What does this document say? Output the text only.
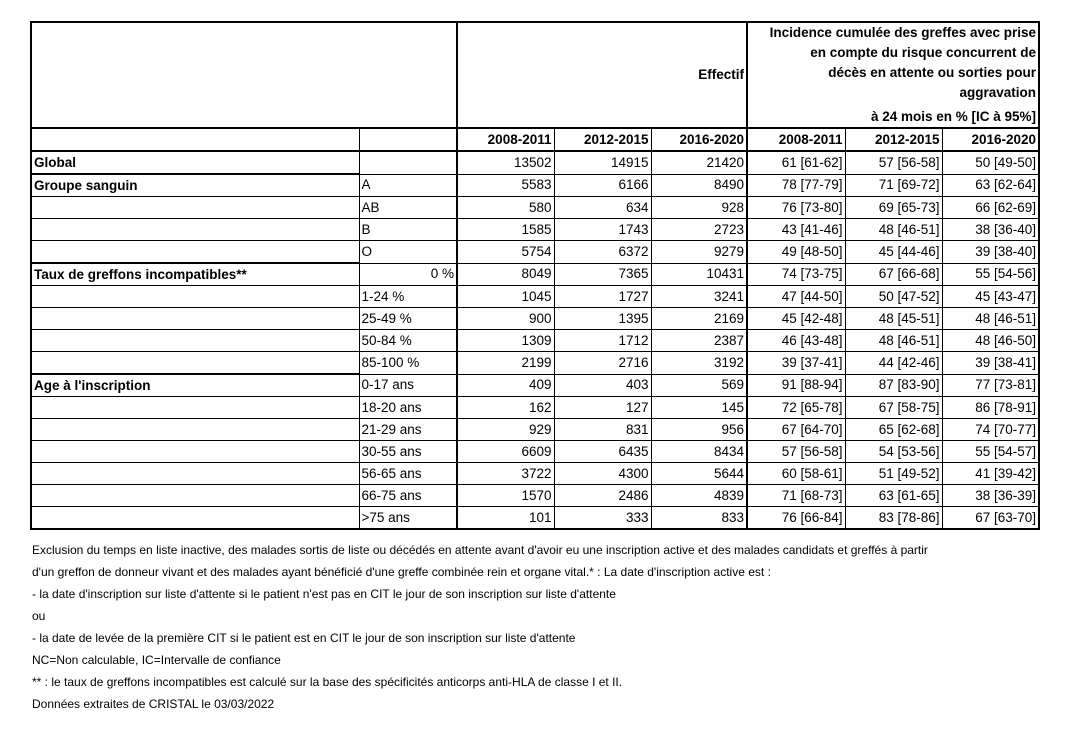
		Effectif			Incidence cumulée des greffes avec prise
en compte du risque concurrent de
décès en attente ou sorties pour
aggravation
à 24 mois en % [IC à 95%]		

		2008-2011	2012-2015	2016-2020	2008-2011	2012-2015	2016-2020
Global		13502	14915	21420	61 [61-62]	57 [56-58]	50 [49-50]
Groupe sanguin	A	5583	6166	8490	78 [77-79]	71 [69-72]	63 [62-64]
	AB	580	634	928	76 [73-80]	69 [65-73]	66 [62-69]
	B	1585	1743	2723	43 [41-46]	48 [46-51]	38 [36-40]
	O	5754	6372	9279	49 [48-50]	45 [44-46]	39 [38-40]
Taux de greffons incompatibles**	0 %	8049	7365	10431	74 [73-75]	67 [66-68]	55 [54-56]
	1-24 %	1045	1727	3241	47 [44-50]	50 [47-52]	45 [43-47]
	25-49 %	900	1395	2169	45 [42-48]	48 [45-51]	48 [46-51]
	50-84 %	1309	1712	2387	46 [43-48]	48 [46-51]	48 [46-50]
	85-100 %	2199	2716	3192	39 [37-41]	44 [42-46]	39 [38-41]
Age à l'inscription	0-17 ans	409	403	569	91 [88-94]	87 [83-90]	77 [73-81]
	18-20 ans	162	127	145	72 [65-78]	67 [58-75]	86 [78-91]
	21-29 ans	929	831	956	67 [64-70]	65 [62-68]	74 [70-77]
	30-55 ans	6609	6435	8434	57 [56-58]	54 [53-56]	55 [54-57]
	56-65 ans	3722	4300	5644	60 [58-61]	51 [49-52]	41 [39-42]
	66-75 ans	1570	2486	4839	71 [68-73]	63 [61-65]	38 [36-39]
	>75 ans	101	333	833	76 [66-84]	83 [78-86]	67 [63-70]
Exclusion du temps en liste inactive, des malades sortis de liste ou décédés en attente avant d'avoir eu une inscription active et des malades candidats et greffés à partir
d'un greffon de donneur vivant et des malades ayant bénéficié d'une greffe combinée rein et organe vital.* : La date d'inscription active est :
- la date d'inscription sur liste d'attente si le patient n'est pas en CIT le jour de son inscription sur liste d'attente
ou
- la date de levée de la première CIT si le patient est en CIT le jour de son inscription sur liste d'attente
NC=Non calculable, IC=Intervalle de confiance
** : le taux de greffons incompatibles est calculé sur la base des spécificités anticorps anti-HLA de classe I et II.
Données extraites de CRISTAL le 03/03/2022
